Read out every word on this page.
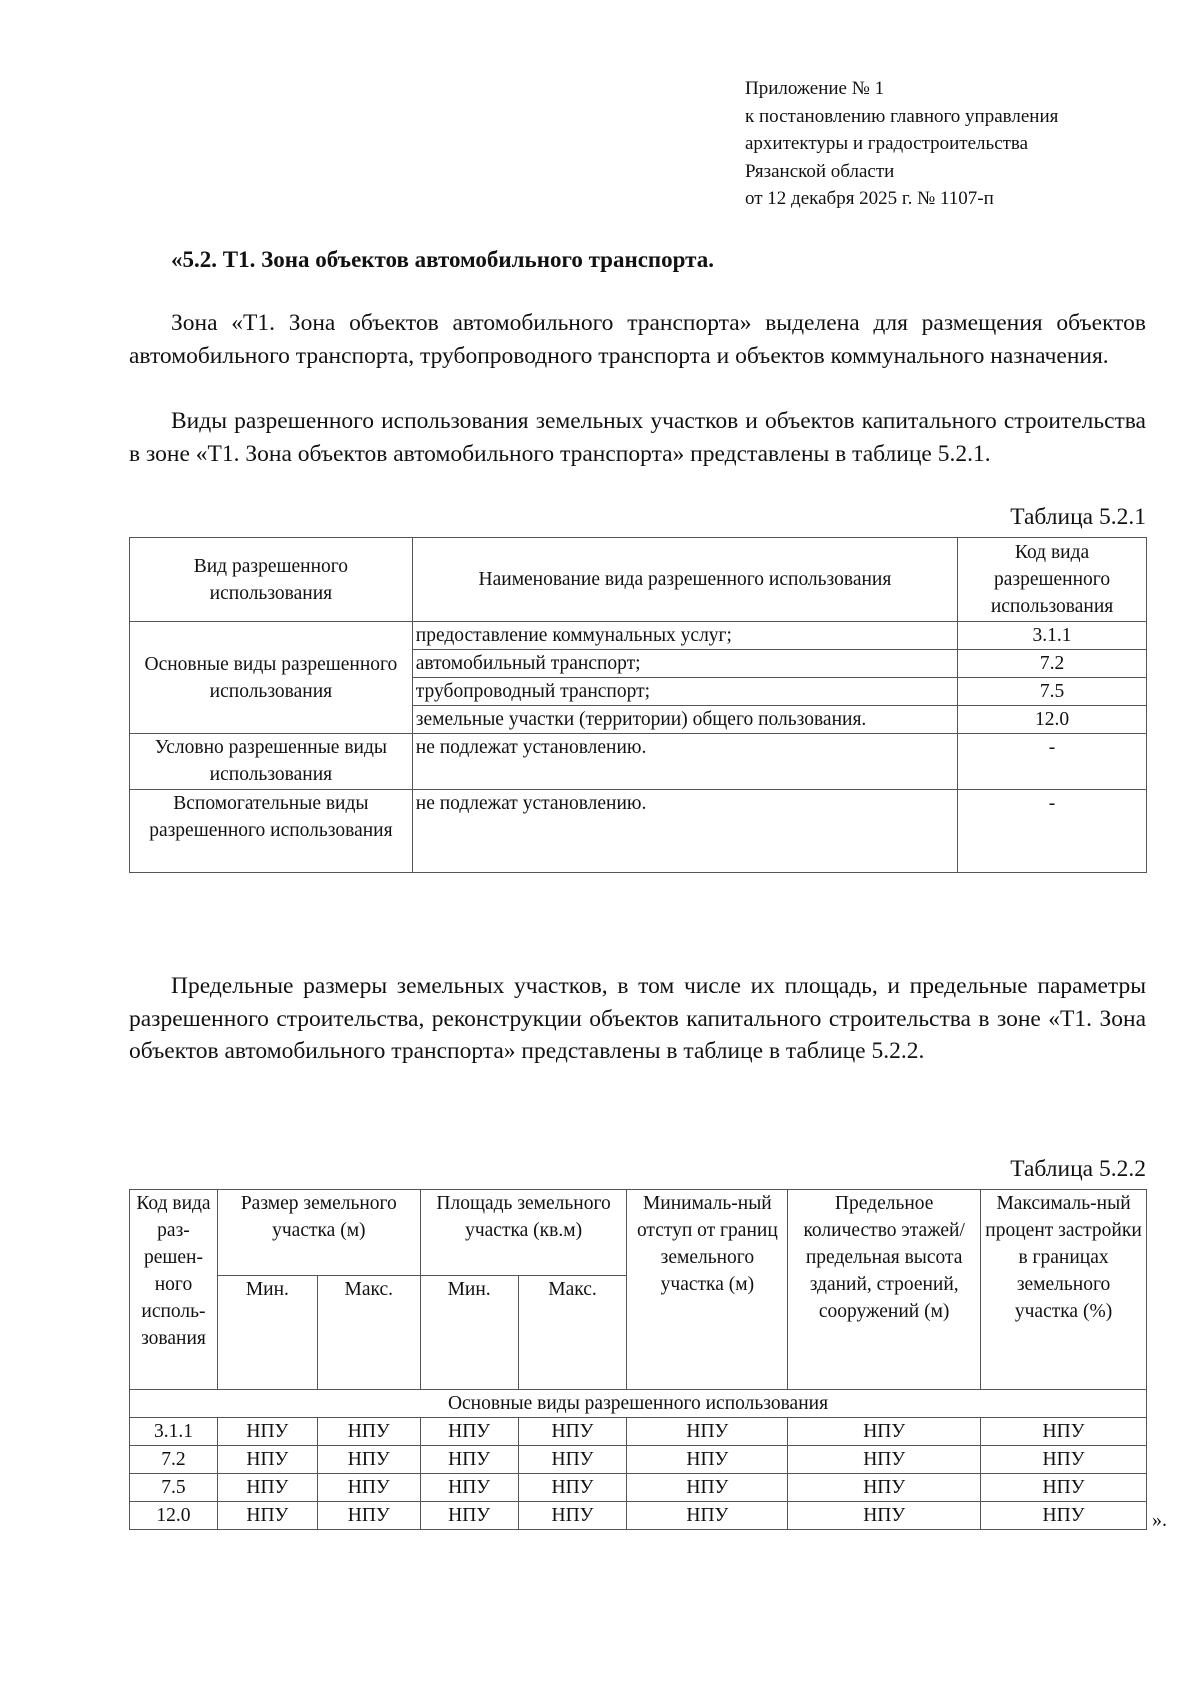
Приложение № 1
к постановлению главного управления
архитектуры и градостроительства
Рязанской области
от 12 декабря 2025 г. № 1107-п
«5.2. Т1. Зона объектов автомобильного транспорта.
Зона «Т1. Зона объектов автомобильного транспорта» выделена для размещения объектов автомобильного транспорта, трубопроводного транспорта и объектов коммунального назначения.
Виды разрешенного использования земельных участков и объектов капитального строительства в зоне «Т1. Зона объектов автомобильного транспорта» представлены в таблице 5.2.1.
Таблица 5.2.1
Вид разрешенного использования	Наименование вида разрешенного использования	Код вида разрешенного использования
Основные виды разрешенного использования	предоставление коммунальных услуг;	3.1.1
	автомобильный транспорт;	7.2
	трубопроводный транспорт;	7.5
	земельные участки (территории) общего пользования.	12.0
Условно разрешенные виды использования	не подлежат установлению.	-
Вспомогательные виды разрешенного использования	не подлежат установлению.	-
Предельные размеры земельных участков, в том числе их площадь, и предельные параметры разрешенного строительства, реконструкции объектов капитального строительства в зоне «Т1. Зона объектов автомобильного транспорта» представлены в таблице в таблице 5.2.2.
Таблица 5.2.2
Код вида раз-решен-ного исполь-зования	Размер земельного участка (м)		Площадь земельного участка (кв.м)		Минималь-ный отступ от границ земельного участка (м)	Предельное количество этажей/ предельная высота зданий, строений, сооружений (м)	Максималь-ный процент застройки в границах земельного участка (%)
	Мин.	Макс.	Мин.	Макс.			
Основные виды разрешенного использования							
3.1.1	НПУ	НПУ	НПУ	НПУ	НПУ	НПУ	НПУ
7.2	НПУ	НПУ	НПУ	НПУ	НПУ	НПУ	НПУ
7.5	НПУ	НПУ	НПУ	НПУ	НПУ	НПУ	НПУ
12.0	НПУ	НПУ	НПУ	НПУ	НПУ	НПУ	НПУ	».
